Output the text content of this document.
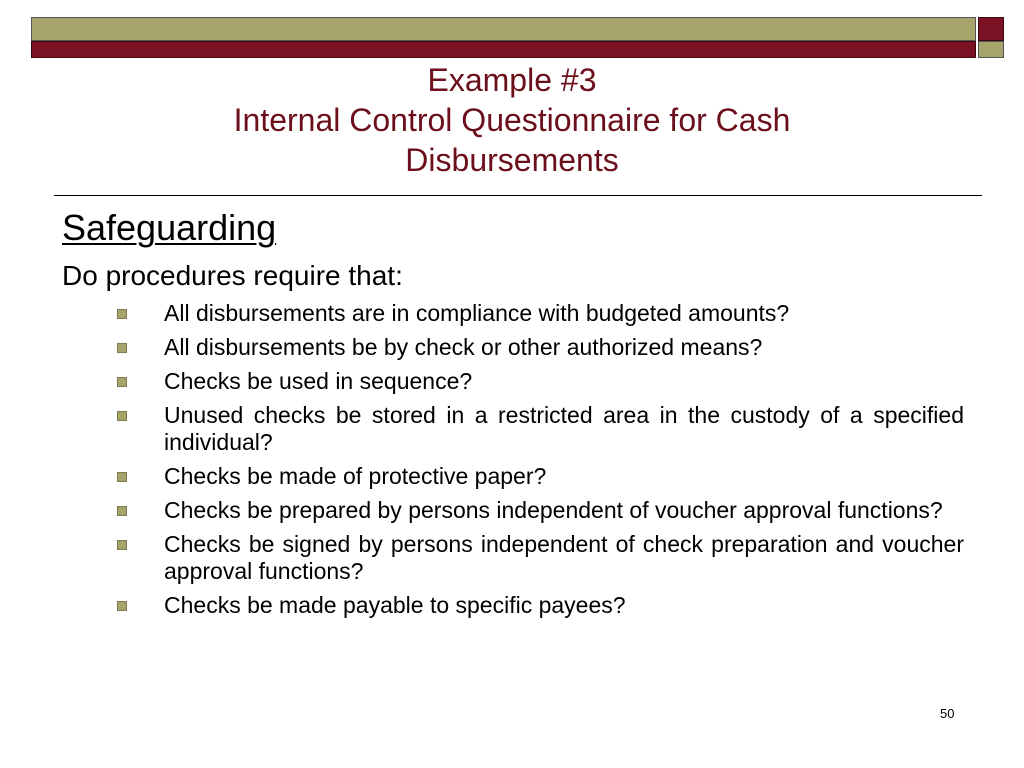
Example #3
Internal Control Questionnaire for Cash
Disbursements
Safeguarding
Do procedures require that:
All disbursements are in compliance with budgeted amounts?
All disbursements be by check or other authorized means?
Checks be used in sequence?
Unused checks be stored in a restricted area in the custody of a specified individual?
Checks be made of protective paper?
Checks be prepared by persons independent of voucher approval functions?
Checks be signed by persons independent of check preparation and voucher approval functions?
Checks be made payable to specific payees?
50
